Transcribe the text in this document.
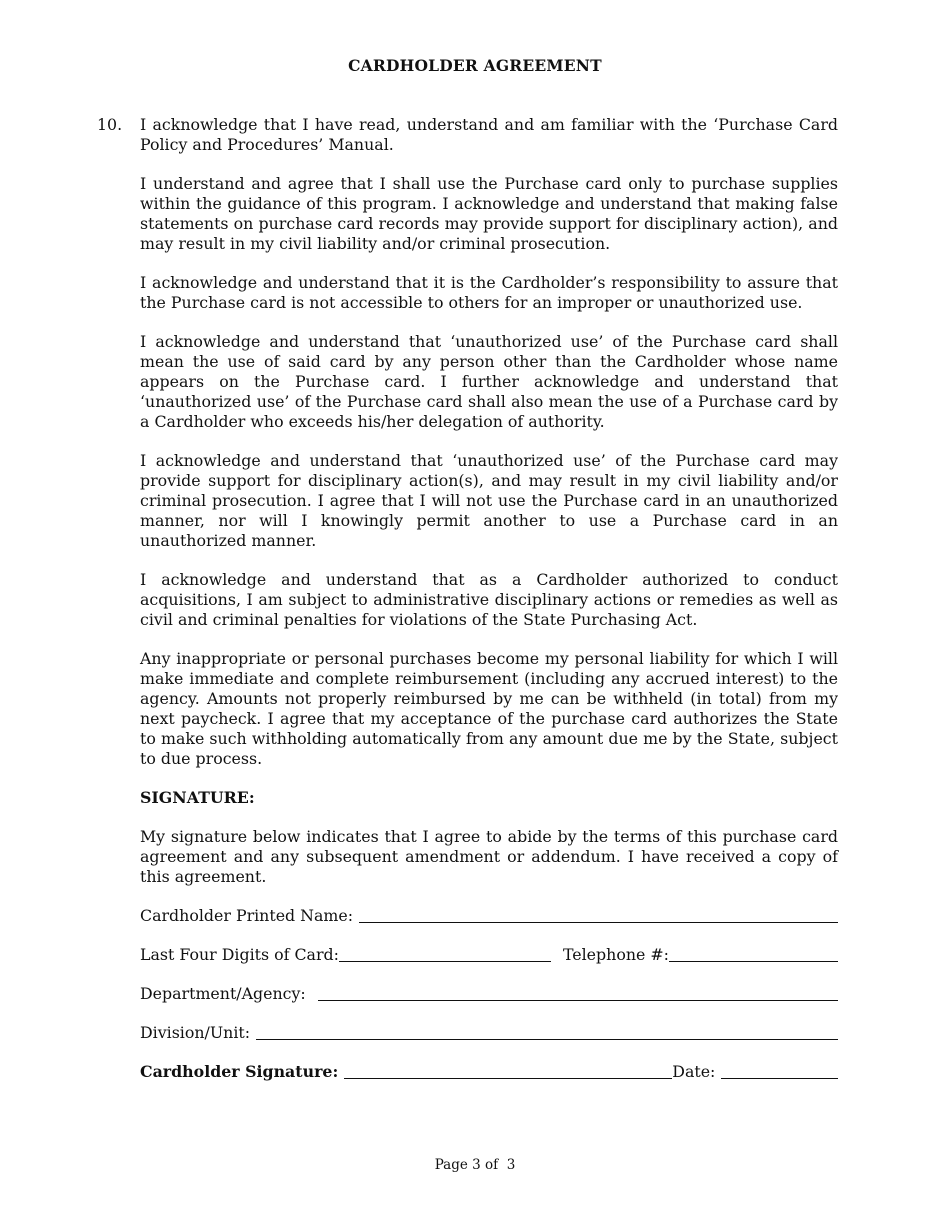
CARDHOLDER AGREEMENT
10. I acknowledge that I have read, understand and am familiar with the ‘Purchase Card Policy and Procedures’ Manual.

I understand and agree that I shall use the Purchase card only to purchase supplies within the guidance of this program. I acknowledge and understand that making false statements on purchase card records may provide support for disciplinary action), and may result in my civil liability and/or criminal prosecution.

I acknowledge and understand that it is the Cardholder’s responsibility to assure that the Purchase card is not accessible to others for an improper or unauthorized use.

I acknowledge and understand that ‘unauthorized use’ of the Purchase card shall mean the use of said card by any person other than the Cardholder whose name appears on the Purchase card. I further acknowledge and understand that ‘unauthorized use’ of the Purchase card shall also mean the use of a Purchase card by a Cardholder who exceeds his/her delegation of authority.

I acknowledge and understand that ‘unauthorized use’ of the Purchase card may provide support for disciplinary action(s), and may result in my civil liability and/or criminal prosecution. I agree that I will not use the Purchase card in an unauthorized manner, nor will I knowingly permit another to use a Purchase card in an unauthorized manner.

I acknowledge and understand that as a Cardholder authorized to conduct acquisitions, I am subject to administrative disciplinary actions or remedies as well as civil and criminal penalties for violations of the State Purchasing Act.

Any inappropriate or personal purchases become my personal liability for which I will make immediate and complete reimbursement (including any accrued interest) to the agency. Amounts not properly reimbursed by me can be withheld (in total) from my next paycheck. I agree that my acceptance of the purchase card authorizes the State to make such withholding automatically from any amount due me by the State, subject to due process.

SIGNATURE:

My signature below indicates that I agree to abide by the terms of this purchase card agreement and any subsequent amendment or addendum. I have received a copy of this agreement.

Cardholder Printed Name:
Last Four Digits of Card:	Telephone #:
Department/Agency:
Division/Unit:
Cardholder Signature:	Date:
Page 3 of  3
